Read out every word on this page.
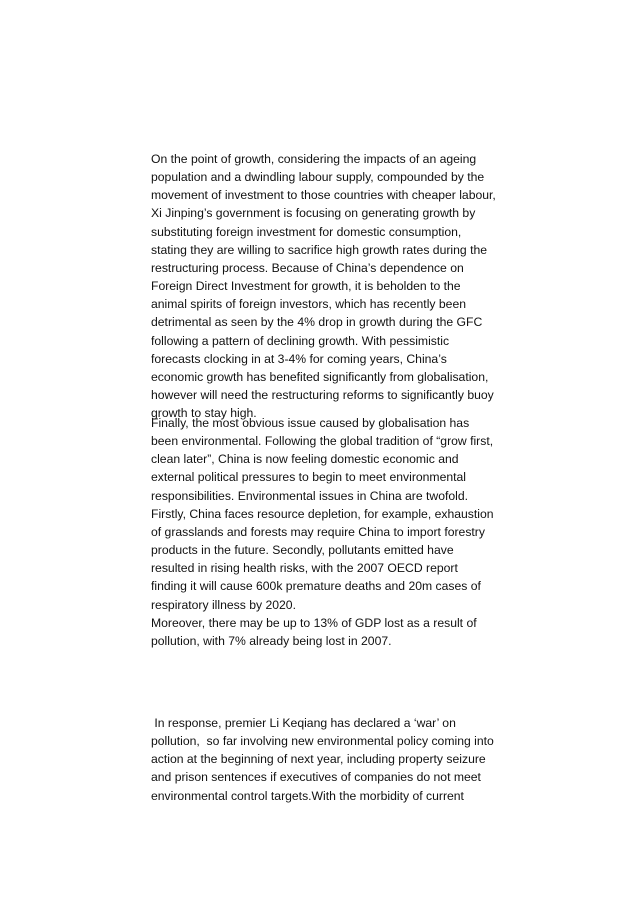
On the point of growth, considering the impacts of an ageing
population and a dwindling labour supply, compounded by the
movement of investment to those countries with cheaper labour,
Xi Jinping’s government is focusing on generating growth by
substituting foreign investment for domestic consumption,
stating they are willing to sacrifice high growth rates during the
restructuring process. Because of China’s dependence on
Foreign Direct Investment for growth, it is beholden to the
animal spirits of foreign investors, which has recently been
detrimental as seen by the 4% drop in growth during the GFC
following a pattern of declining growth. With pessimistic
forecasts clocking in at 3-4% for coming years, China’s
economic growth has benefited significantly from globalisation,
however will need the restructuring reforms to significantly buoy
growth to stay high.
Finally, the most obvious issue caused by globalisation has
been environmental. Following the global tradition of “grow first,
clean later”, China is now feeling domestic economic and
external political pressures to begin to meet environmental
responsibilities. Environmental issues in China are twofold.
Firstly, China faces resource depletion, for example, exhaustion
of grasslands and forests may require China to import forestry
products in the future. Secondly, pollutants emitted have
resulted in rising health risks, with the 2007 OECD report
finding it will cause 600k premature deaths and 20m cases of
respiratory illness by 2020.
Moreover, there may be up to 13% of GDP lost as a result of
pollution, with 7% already being lost in 2007.
In response, premier Li Keqiang has declared a ‘war’ on
pollution,  so far involving new environmental policy coming into
action at the beginning of next year, including property seizure
and prison sentences if executives of companies do not meet
environmental control targets.With the morbidity of current
